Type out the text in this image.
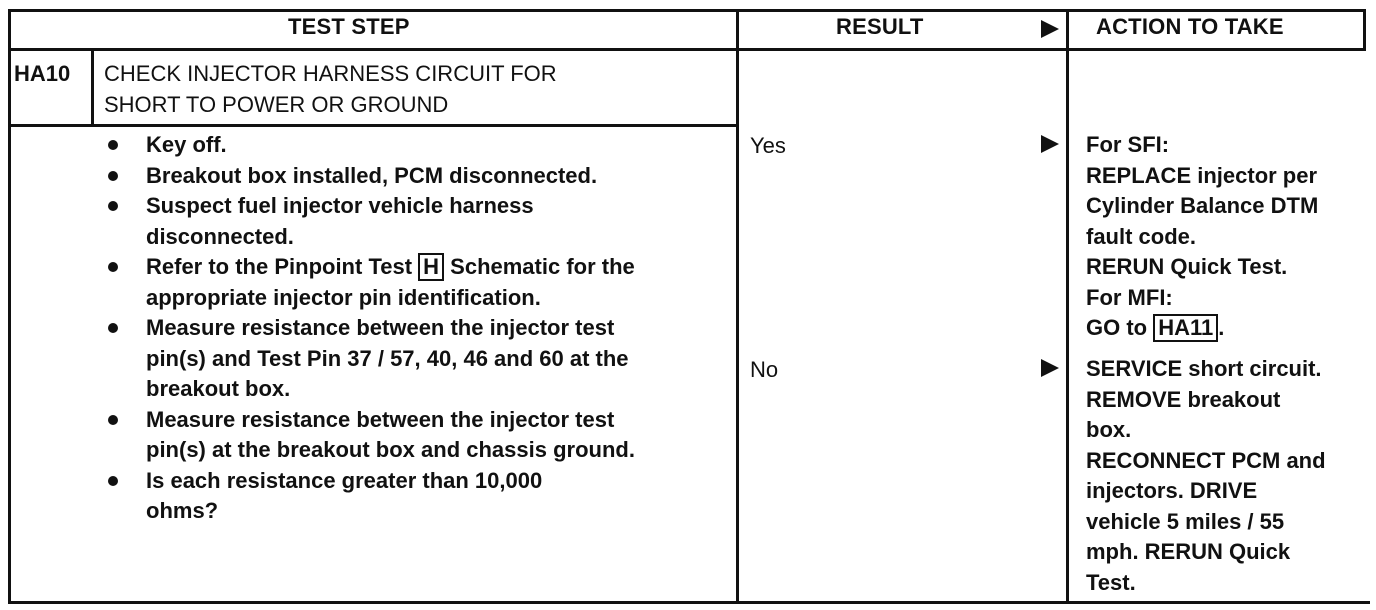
TEST STEP	RESULT	ACTION TO TAKE
HA10 CHECK INJECTOR HARNESS CIRCUIT FOR
SHORT TO POWER OR GROUND
Key off.
Breakout box installed, PCM disconnected.
Suspect fuel injector vehicle harness
disconnected.
Refer to the Pinpoint Test H Schematic for the
appropriate injector pin identification.
Measure resistance between the injector test
pin(s) and Test Pin 37 / 57, 40, 46 and 60 at the
breakout box.
Measure resistance between the injector test
pin(s) at the breakout box and chassis ground.
Is each resistance greater than 10,000
ohms?
Yes
No
For SFI:
REPLACE injector per
Cylinder Balance DTM
fault code.
RERUN Quick Test.
For MFI:
GO to HA11 .
SERVICE short circuit.
REMOVE breakout
box.
RECONNECT PCM and
injectors. DRIVE
vehicle 5 miles / 55
mph. RERUN Quick
Test.
